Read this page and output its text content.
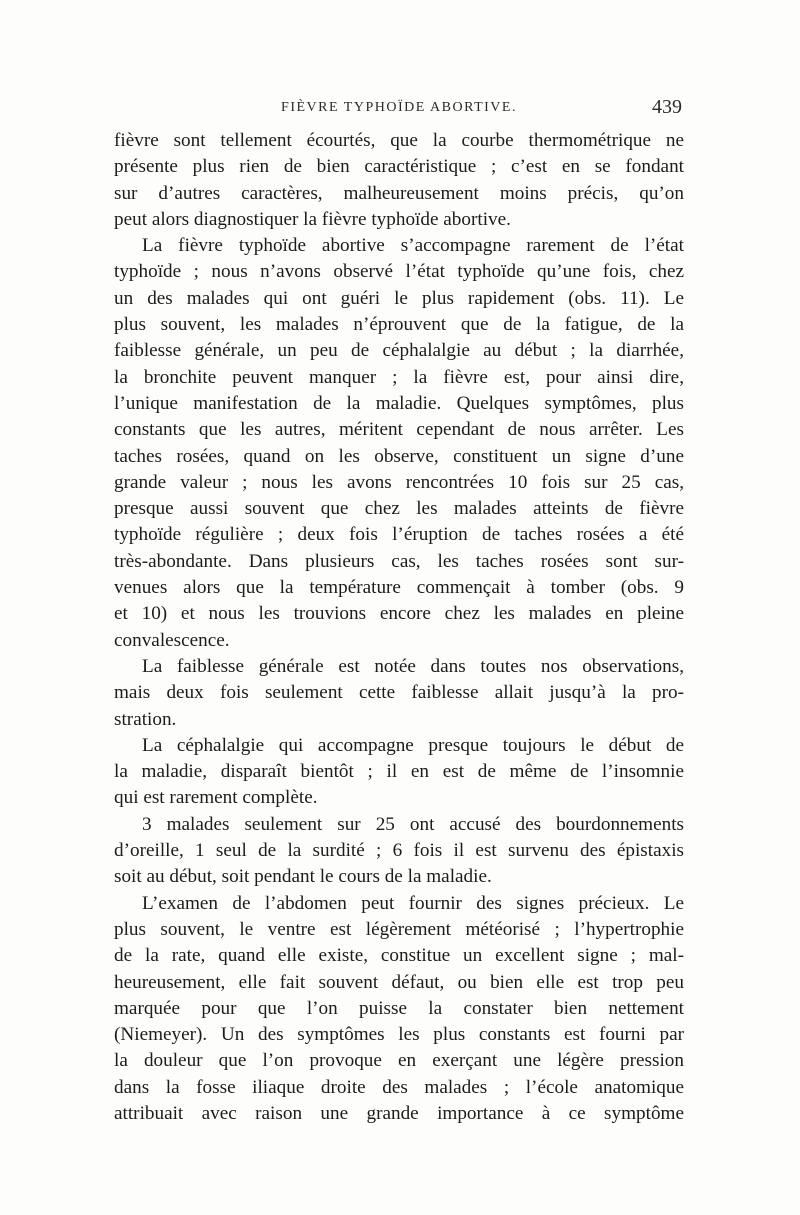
FIÈVRE TYPHOÏDE ABORTIVE.	439
fièvre sont tellement écourtés, que la courbe thermométrique ne
présente plus rien de bien caractéristique ; c’est en se fondant
sur d’autres caractères, malheureusement moins précis, qu’on
peut alors diagnostiquer la fièvre typhoïde abortive.
La fièvre typhoïde abortive s’accompagne rarement de l’état
typhoïde ; nous n’avons observé l’état typhoïde qu’une fois, chez
un des malades qui ont guéri le plus rapidement (obs. 11). Le
plus souvent, les malades n’éprouvent que de la fatigue, de la
faiblesse générale, un peu de céphalalgie au début ; la diarrhée,
la bronchite peuvent manquer ; la fièvre est, pour ainsi dire,
l’unique manifestation de la maladie. Quelques symptômes, plus
constants que les autres, méritent cependant de nous arrêter. Les
taches rosées, quand on les observe, constituent un signe d’une
grande valeur ; nous les avons rencontrées 10 fois sur 25 cas,
presque aussi souvent que chez les malades atteints de fièvre
typhoïde régulière ; deux fois l’éruption de taches rosées a été
très-abondante. Dans plusieurs cas, les taches rosées sont sur-
venues alors que la température commençait à tomber (obs. 9
et 10) et nous les trouvions encore chez les malades en pleine
convalescence.
La faiblesse générale est notée dans toutes nos observations,
mais deux fois seulement cette faiblesse allait jusqu’à la pro-
stration.
La céphalalgie qui accompagne presque toujours le début de
la maladie, disparaît bientôt ; il en est de même de l’insomnie
qui est rarement complète.
3 malades seulement sur 25 ont accusé des bourdonnements
d’oreille, 1 seul de la surdité ; 6 fois il est survenu des épistaxis
soit au début, soit pendant le cours de la maladie.
L’examen de l’abdomen peut fournir des signes précieux. Le
plus souvent, le ventre est légèrement météorisé ; l’hypertrophie
de la rate, quand elle existe, constitue un excellent signe ; mal-
heureusement, elle fait souvent défaut, ou bien elle est trop peu
marquée pour que l’on puisse la constater bien nettement
(Niemeyer). Un des symptômes les plus constants est fourni par
la douleur que l’on provoque en exerçant une légère pression
dans la fosse iliaque droite des malades ; l’école anatomique
attribuait avec raison une grande importance à ce symptôme
